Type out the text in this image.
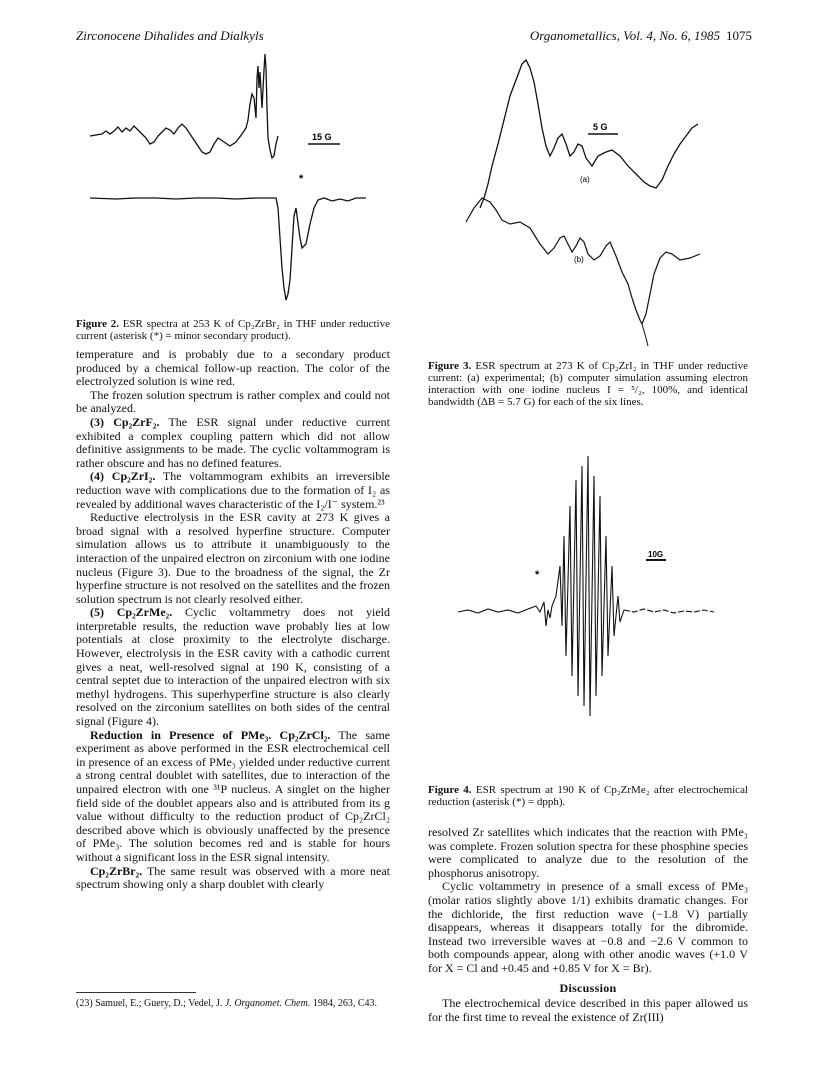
Zirconocene Dihalides and Dialkyls	Organometallics, Vol. 4, No. 6, 1985 1075
15 G
*
Figure 2. ESR spectra at 253 K of Cp₂ZrBr₂ in THF under reductive current (asterisk (*) = minor secondary product).
5 G
(a)
(b)
Figure 3. ESR spectrum at 273 K of Cp₂ZrI₂ in THF under reductive current: (a) experimental; (b) computer simulation assuming electron interaction with one iodine nucleus I = ⁵/₂, 100%, and identical bandwidth (ΔB = 5.7 G) for each of the six lines.
*
10G
Figure 4. ESR spectrum at 190 K of Cp₂ZrMe₂ after electrochemical reduction (asterisk (*) = dpph).

temperature and is probably due to a secondary product produced by a chemical follow-up reaction. The color of the electrolyzed solution is wine red.

The frozen solution spectrum is rather complex and could not be analyzed.

(3) Cp₂ZrF₂. The ESR signal under reductive current exhibited a complex coupling pattern which did not allow definitive assignments to be made. The cyclic voltammogram is rather obscure and has no defined features.

(4) Cp₂ZrI₂. The voltammogram exhibits an irreversible reduction wave with complications due to the formation of I₂ as revealed by additional waves characteristic of the I₂/I⁻ system.²³

Reductive electrolysis in the ESR cavity at 273 K gives a broad signal with a resolved hyperfine structure. Computer simulation allows us to attribute it unambiguously to the interaction of the unpaired electron on zirconium with one iodine nucleus (Figure 3). Due to the broadness of the signal, the Zr hyperfine structure is not resolved on the satellites and the frozen solution spectrum is not clearly resolved either.

(5) Cp₂ZrMe₂. Cyclic voltammetry does not yield interpretable results, the reduction wave probably lies at low potentials at close proximity to the electrolyte discharge. However, electrolysis in the ESR cavity with a cathodic current gives a neat, well-resolved signal at 190 K, consisting of a central septet due to interaction of the unpaired electron with six methyl hydrogens. This superhyperfine structure is also clearly resolved on the zirconium satellites on both sides of the central signal (Figure 4).

Reduction in Presence of PMe₃. Cp₂ZrCl₂. The same experiment as above performed in the ESR electrochemical cell in presence of an excess of PMe₃ yielded under reductive current a strong central doublet with satellites, due to interaction of the unpaired electron with one ³¹P nucleus. A singlet on the higher field side of the doublet appears also and is attributed from its g value without difficulty to the reduction product of Cp₂ZrCl₂ described above which is obviously unaffected by the presence of PMe₃. The solution becomes red and is stable for hours without a significant loss in the ESR signal intensity.

Cp₂ZrBr₂. The same result was observed with a more neat spectrum showing only a sharp doublet with clearly

resolved Zr satellites which indicates that the reaction with PMe₃ was complete. Frozen solution spectra for these phosphine species were complicated to analyze due to the resolution of the phosphorus anisotropy.

Cyclic voltammetry in presence of a small excess of PMe₃ (molar ratios slightly above 1/1) exhibits dramatic changes. For the dichloride, the first reduction wave (−1.8 V) partially disappears, whereas it disappears totally for the dibromide. Instead two irreversible waves at −0.8 and −2.6 V common to both compounds appear, along with other anodic waves (+1.0 V for X = Cl and +0.45 and +0.85 V for X = Br).

Discussion

The electrochemical device described in this paper allowed us for the first time to reveal the existence of Zr(III)

(23) Samuel, E.; Guery, D.; Vedel, J. J. Organomet. Chem. 1984, 263, C43.
